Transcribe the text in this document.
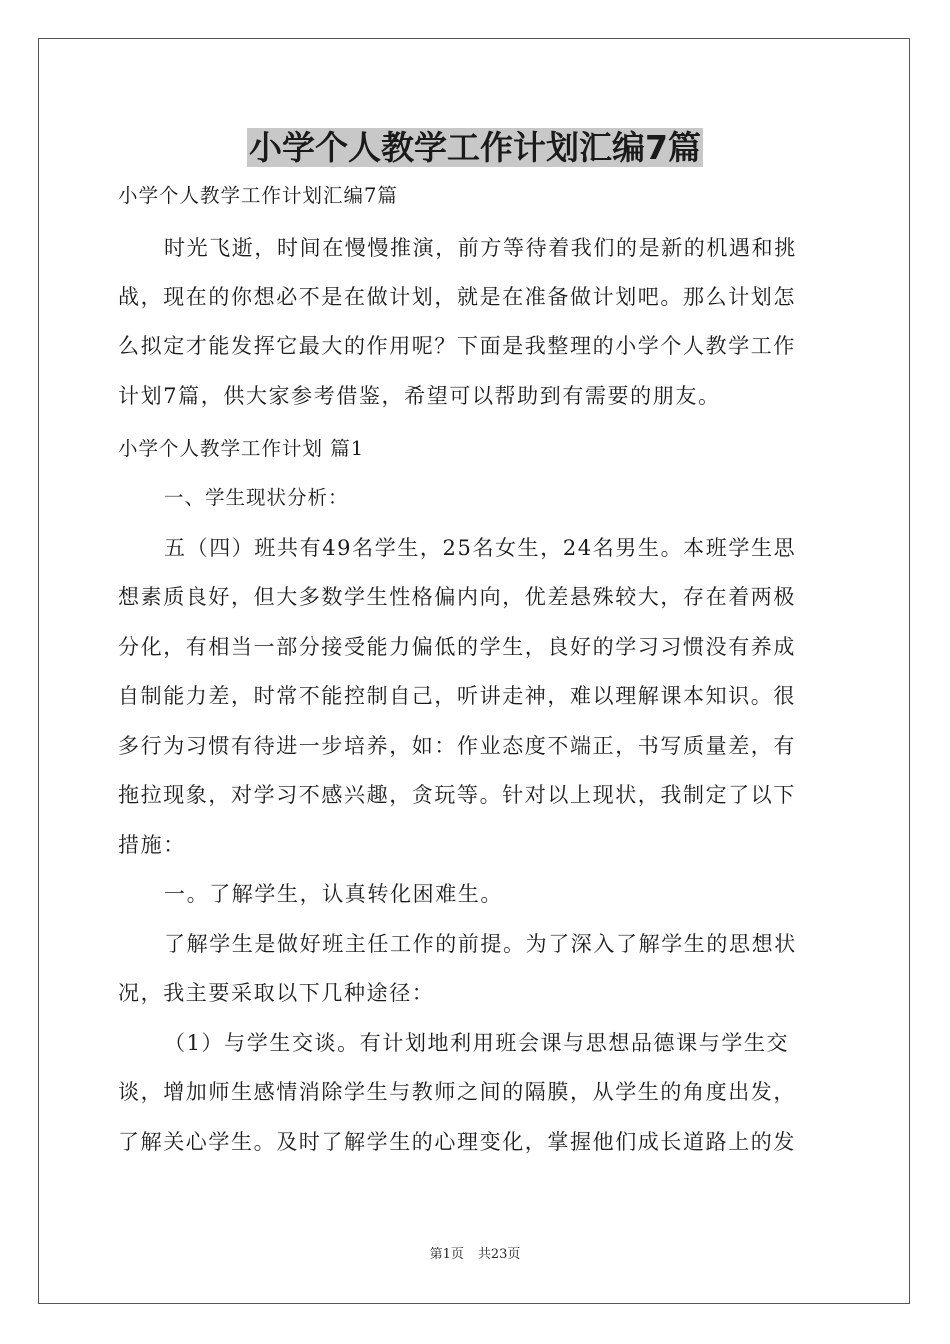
小学个人教学工作计划汇编7篇
小学个人教学工作计划汇编7篇
时光飞逝，时间在慢慢推演，前方等待着我们的是新的机遇和挑
战，现在的你想必不是在做计划，就是在准备做计划吧。那么计划怎
么拟定才能发挥它最大的作用呢？下面是我整理的小学个人教学工作
计划7篇，供大家参考借鉴，希望可以帮助到有需要的朋友。
小学个人教学工作计划 篇1
一、学生现状分析：
五（四）班共有49名学生，25名女生，24名男生。本班学生思
想素质良好，但大多数学生性格偏内向，优差悬殊较大，存在着两极
分化，有相当一部分接受能力偏低的学生，良好的学习习惯没有养成
自制能力差，时常不能控制自己，听讲走神，难以理解课本知识。很
多行为习惯有待进一步培养，如：作业态度不端正，书写质量差，有
拖拉现象，对学习不感兴趣，贪玩等。针对以上现状，我制定了以下
措施：
一。了解学生，认真转化困难生。
了解学生是做好班主任工作的前提。为了深入了解学生的思想状
况，我主要采取以下几种途径：
（1）与学生交谈。有计划地利用班会课与思想品德课与学生交
谈，增加师生感情消除学生与教师之间的隔膜，从学生的角度出发，
了解关心学生。及时了解学生的心理变化，掌握他们成长道路上的发
第1页 共23页
